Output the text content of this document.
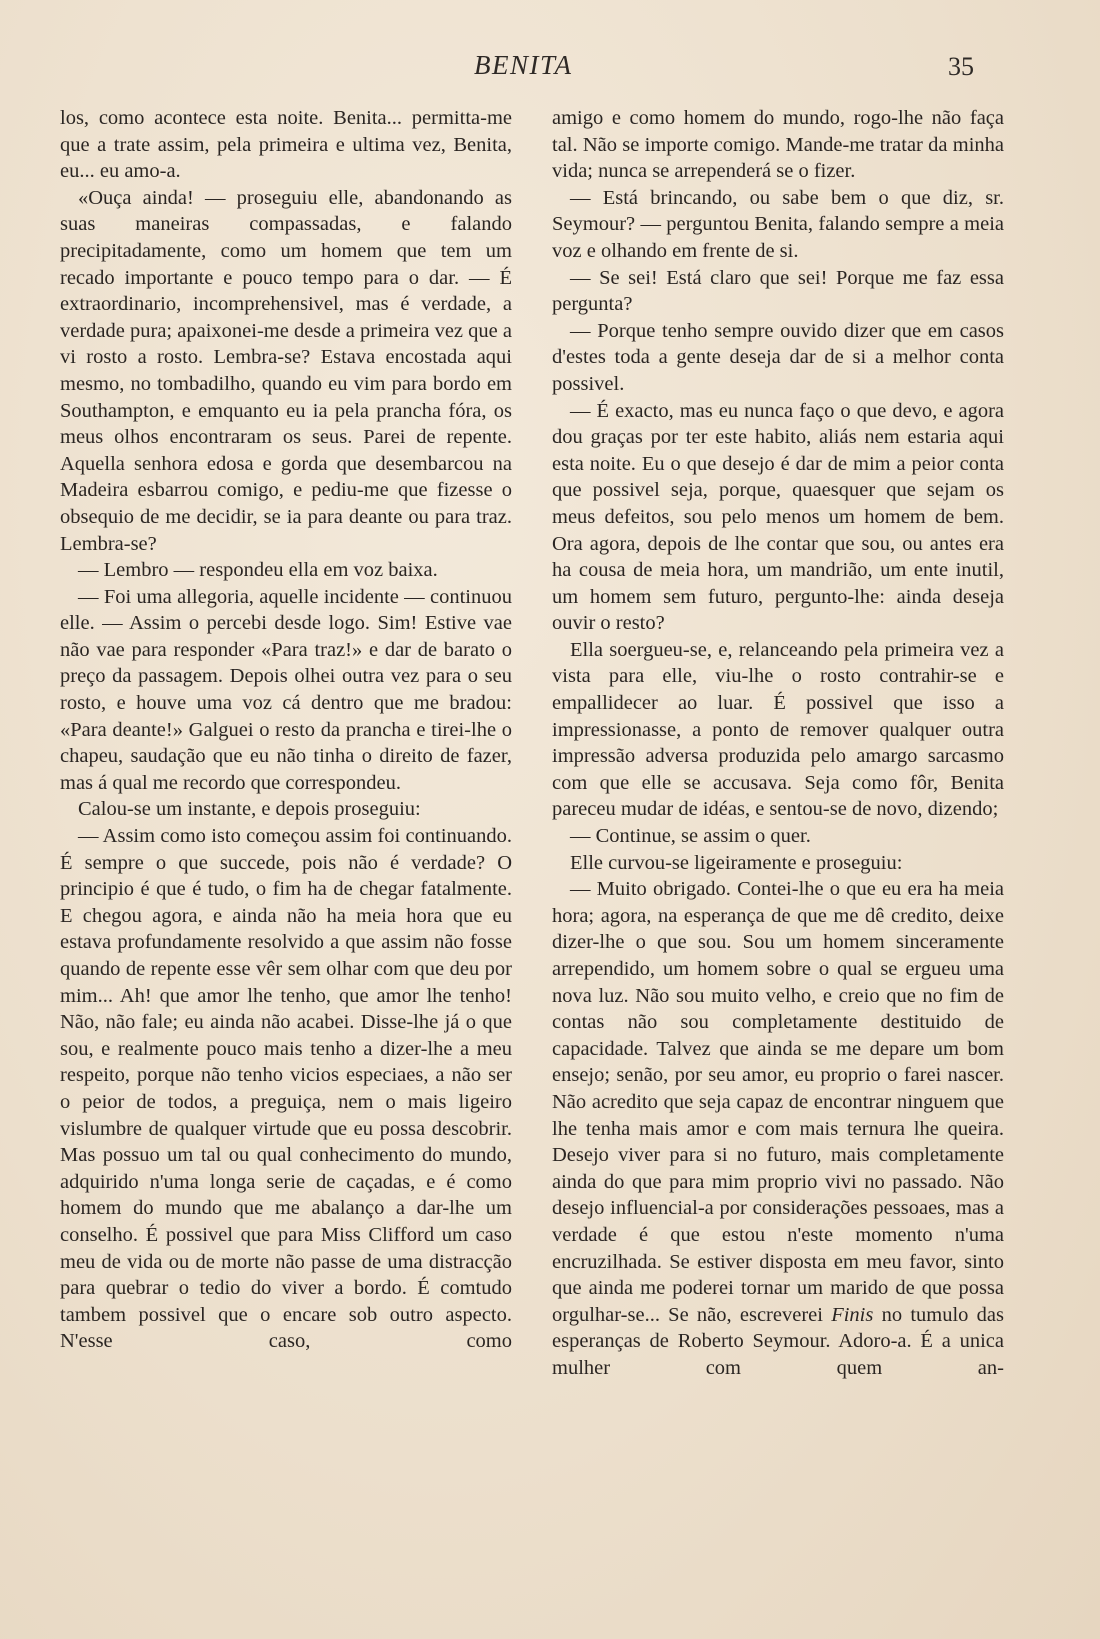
BENITA	35

los, como acontece esta noite. Benita... permitta-me que a trate assim, pela primeira e ultima vez, Benita, eu... eu amo-a.

«Ouça ainda! — proseguiu elle, abandonando as suas maneiras compassadas, e falando precipitadamente, como um homem que tem um recado importante e pouco tempo para o dar. — É extraordinario, incomprehensivel, mas é verdade, a verdade pura; apaixonei-me desde a primeira vez que a vi rosto a rosto. Lembra-se? Estava encostada aqui mesmo, no tombadilho, quando eu vim para bordo em Southampton, e emquanto eu ia pela prancha fóra, os meus olhos encontraram os seus. Parei de repente. Aquella senhora edosa e gorda que desembarcou na Madeira esbarrou comigo, e pediu-me que fizesse o obsequio de me decidir, se ia para deante ou para traz. Lembra-se?

— Lembro — respondeu ella em voz baixa.

— Foi uma allegoria, aquelle incidente — continuou elle. — Assim o percebi desde logo. Sim! Estive vae não vae para responder «Para traz!» e dar de barato o preço da passagem. Depois olhei outra vez para o seu rosto, e houve uma voz cá dentro que me bradou: «Para deante!» Galguei o resto da prancha e tirei-lhe o chapeu, saudação que eu não tinha o direito de fazer, mas á qual me recordo que correspondeu.

Calou-se um instante, e depois proseguiu:

— Assim como isto começou assim foi continuando. É sempre o que succede, pois não é verdade? O principio é que é tudo, o fim ha de chegar fatalmente. E chegou agora, e ainda não ha meia hora que eu estava profundamente resolvido a que assim não fosse quando de repente esse vêr sem olhar com que deu por mim... Ah! que amor lhe tenho, que amor lhe tenho! Não, não fale; eu ainda não acabei. Disse-lhe já o que sou, e realmente pouco mais tenho a dizer-lhe a meu respeito, porque não tenho vicios especiaes, a não ser o peior de todos, a preguiça, nem o mais ligeiro vislumbre de qualquer virtude que eu possa descobrir. Mas possuo um tal ou qual conhecimento do mundo, adquirido n'uma longa serie de caçadas, e é como homem do mundo que me abalanço a dar-lhe um conselho. É possivel que para Miss Clifford um caso meu de vida ou de morte não passe de uma distracção para quebrar o tedio do viver a bordo. É comtudo tambem possivel que o encare sob outro aspecto. N'esse caso, como

amigo e como homem do mundo, rogo-lhe não faça tal. Não se importe comigo. Mande-me tratar da minha vida; nunca se arrependerá se o fizer.

— Está brincando, ou sabe bem o que diz, sr. Seymour? — perguntou Benita, falando sempre a meia voz e olhando em frente de si.

— Se sei! Está claro que sei! Porque me faz essa pergunta?

— Porque tenho sempre ouvido dizer que em casos d'estes toda a gente deseja dar de si a melhor conta possivel.

— É exacto, mas eu nunca faço o que devo, e agora dou graças por ter este habito, aliás nem estaria aqui esta noite. Eu o que desejo é dar de mim a peior conta que possivel seja, porque, quaesquer que sejam os meus defeitos, sou pelo menos um homem de bem. Ora agora, depois de lhe contar que sou, ou antes era ha cousa de meia hora, um mandrião, um ente inutil, um homem sem futuro, pergunto-lhe: ainda deseja ouvir o resto?

Ella soergueu-se, e, relanceando pela primeira vez a vista para elle, viu-lhe o rosto contrahir-se e empallidecer ao luar. É possivel que isso a impressionasse, a ponto de remover qualquer outra impressão adversa produzida pelo amargo sarcasmo com que elle se accusava. Seja como fôr, Benita pareceu mudar de idéas, e sentou-se de novo, dizendo;

— Continue, se assim o quer.

Elle curvou-se ligeiramente e proseguiu:

— Muito obrigado. Contei-lhe o que eu era ha meia hora; agora, na esperança de que me dê credito, deixe dizer-lhe o que sou. Sou um homem sinceramente arrependido, um homem sobre o qual se ergueu uma nova luz. Não sou muito velho, e creio que no fim de contas não sou completamente destituido de capacidade. Talvez que ainda se me depare um bom ensejo; senão, por seu amor, eu proprio o farei nascer. Não acredito que seja capaz de encontrar ninguem que lhe tenha mais amor e com mais ternura lhe queira. Desejo viver para si no futuro, mais completamente ainda do que para mim proprio vivi no passado. Não desejo influencial-a por considerações pessoaes, mas a verdade é que estou n'este momento n'uma encruzilhada. Se estiver disposta em meu favor, sinto que ainda me poderei tornar um marido de que possa orgulhar-se... Se não, escreverei Finis no tumulo das esperanças de Roberto Seymour. Adoro-a. É a unica mulher com quem an-
